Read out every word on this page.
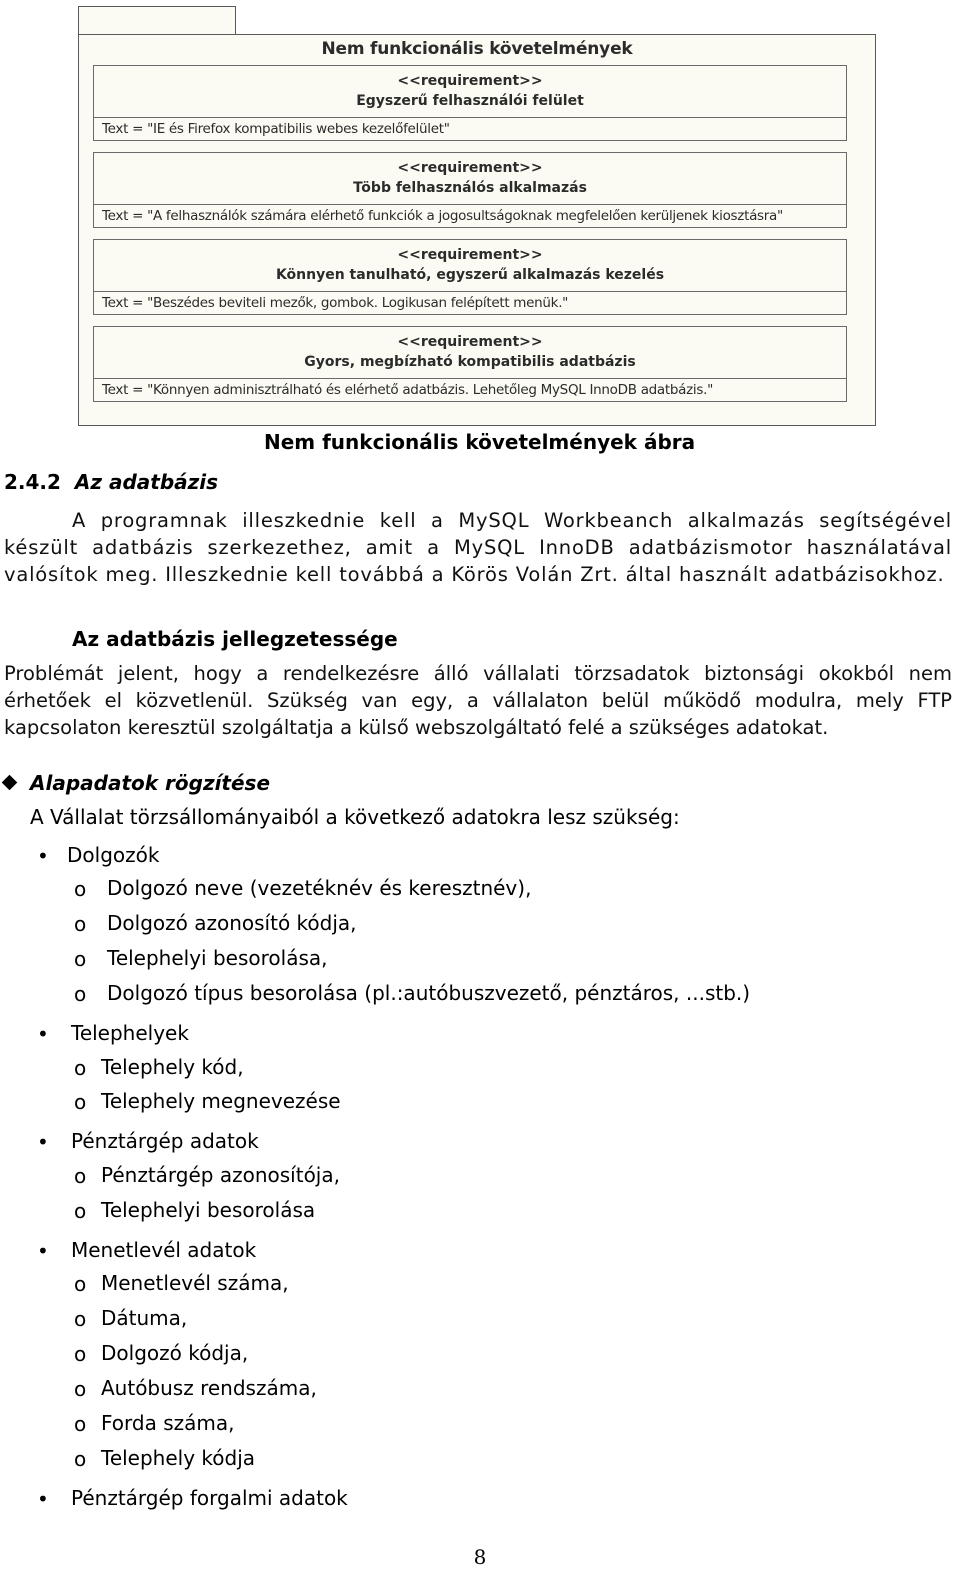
Nem funkcionális követelmények
<<requirement>>
Egyszerű felhasználói felület
Text = "IE és Firefox kompatibilis webes kezelőfelület"
<<requirement>>
Több felhasználós alkalmazás
Text = "A felhasználók számára elérhető funkciók a jogosultságoknak megfelelően kerüljenek kiosztásra"
<<requirement>>
Könnyen tanulható, egyszerű alkalmazás kezelés
Text = "Beszédes beviteli mezők, gombok. Logikusan felépített menük."
<<requirement>>
Gyors, megbízható kompatibilis adatbázis
Text = "Könnyen adminisztrálható és elérhető adatbázis. Lehetőleg MySQL InnoDB adatbázis."
Nem funkcionális követelmények ábra
2.4.2 Az adatbázis
A programnak illeszkednie kell a MySQL Workbeanch alkalmazás segítségével készült adatbázis szerkezethez, amit a MySQL InnoDB adatbázismotor használatával valósítok meg. Illeszkednie kell továbbá a Körös Volán Zrt. által használt adatbázisokhoz.
Az adatbázis jellegzetessége
Problémát jelent, hogy a rendelkezésre álló vállalati törzsadatok biztonsági okokból nem érhetőek el közvetlenül. Szükség van egy, a vállalaton belül működő modulra, mely FTP kapcsolaton keresztül szolgáltatja a külső webszolgáltató felé a szükséges adatokat.
Alapadatok rögzítése
A Vállalat törzsállományaiból a következő adatokra lesz szükség:
• Dolgozók
o Dolgozó neve (vezetéknév és keresztnév),
o Dolgozó azonosító kódja,
o Telephelyi besorolása,
o Dolgozó típus besorolása (pl.:autóbuszvezető, pénztáros, ...stb.)
• Telephelyek
o Telephely kód,
o Telephely megnevezése
• Pénztárgép adatok
o Pénztárgép azonosítója,
o Telephelyi besorolása
• Menetlevél adatok
o Menetlevél száma,
o Dátuma,
o Dolgozó kódja,
o Autóbusz rendszáma,
o Forda száma,
o Telephely kódja
• Pénztárgép forgalmi adatok
8
